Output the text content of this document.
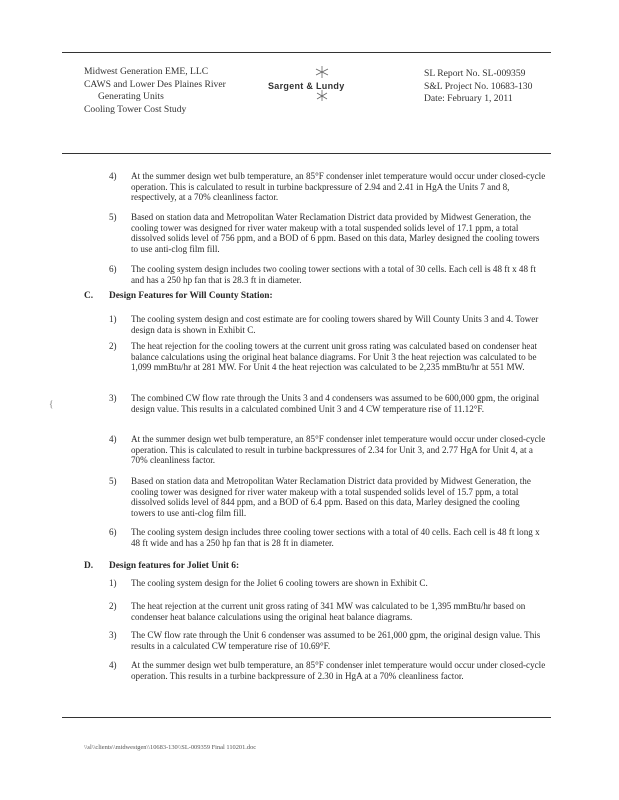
Midwest Generation EME, LLC
CAWS and Lower Des Plaines River
Generating Units
Cooling Tower Cost Study
Sargent & Lundy
SL Report No. SL-009359
S&L Project No. 10683-130
Date: February 1, 2011
4) At the summer design wet bulb temperature, an 85°F condenser inlet temperature would occur under closed-cycle operation. This is calculated to result in turbine backpressure of 2.94 and 2.41 in HgA the Units 7 and 8, respectively, at a 70% cleanliness factor.
5) Based on station data and Metropolitan Water Reclamation District data provided by Midwest Generation, the cooling tower was designed for river water makeup with a total suspended solids level of 17.1 ppm, a total dissolved solids level of 756 ppm, and a BOD of 6 ppm. Based on this data, Marley designed the cooling towers to use anti-clog film fill.
6) The cooling system design includes two cooling tower sections with a total of 30 cells. Each cell is 48 ft x 48 ft and has a 250 hp fan that is 28.3 ft in diameter.
C. Design Features for Will County Station:
1) The cooling system design and cost estimate are for cooling towers shared by Will County Units 3 and 4. Tower design data is shown in Exhibit C.
2) The heat rejection for the cooling towers at the current unit gross rating was calculated based on condenser heat balance calculations using the original heat balance diagrams. For Unit 3 the heat rejection was calculated to be 1,099 mmBtu/hr at 281 MW. For Unit 4 the heat rejection was calculated to be 2,235 mmBtu/hr at 551 MW.
3) The combined CW flow rate through the Units 3 and 4 condensers was assumed to be 600,000 gpm, the original design value. This results in a calculated combined Unit 3 and 4 CW temperature rise of 11.12°F.
4) At the summer design wet bulb temperature, an 85°F condenser inlet temperature would occur under closed-cycle operation. This is calculated to result in turbine backpressures of 2.34 for Unit 3, and 2.77 HgA for Unit 4, at a 70% cleanliness factor.
5) Based on station data and Metropolitan Water Reclamation District data provided by Midwest Generation, the cooling tower was designed for river water makeup with a total suspended solids level of 15.7 ppm, a total dissolved solids level of 844 ppm, and a BOD of 6.4 ppm. Based on this data, Marley designed the cooling towers to use anti-clog film fill.
6) The cooling system design includes three cooling tower sections with a total of 40 cells. Each cell is 48 ft long x 48 ft wide and has a 250 hp fan that is 28 ft in diameter.
D. Design features for Joliet Unit 6:
1) The cooling system design for the Joliet 6 cooling towers are shown in Exhibit C.
2) The heat rejection at the current unit gross rating of 341 MW was calculated to be 1,395 mmBtu/hr based on condenser heat balance calculations using the original heat balance diagrams.
3) The CW flow rate through the Unit 6 condenser was assumed to be 261,000 gpm, the original design value. This results in a calculated CW temperature rise of 10.69°F.
4) At the summer design wet bulb temperature, an 85°F condenser inlet temperature would occur under closed-cycle operation. This results in a turbine backpressure of 2.30 in HgA at a 70% cleanliness factor.
{
\\sl\\clients\\midwestgen\\10683-130\\SL-009359 Final 110201.doc
